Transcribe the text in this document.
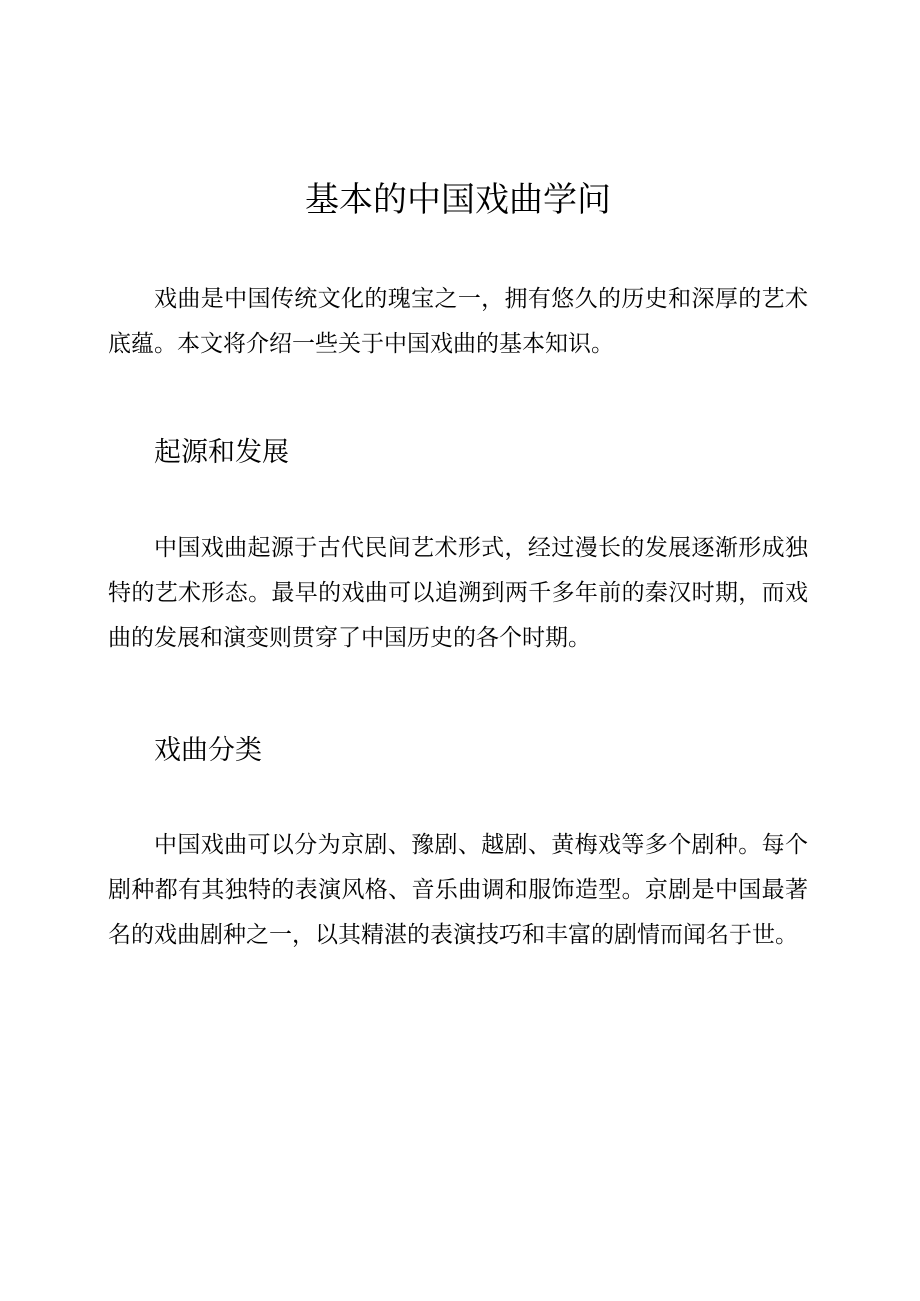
基本的中国戏曲学问

戏曲是中国传统文化的瑰宝之一，拥有悠久的历史和深厚的艺术底蕴。本文将介绍一些关于中国戏曲的基本知识。

起源和发展

中国戏曲起源于古代民间艺术形式，经过漫长的发展逐渐形成独特的艺术形态。最早的戏曲可以追溯到两千多年前的秦汉时期，而戏曲的发展和演变则贯穿了中国历史的各个时期。

戏曲分类

中国戏曲可以分为京剧、豫剧、越剧、黄梅戏等多个剧种。每个剧种都有其独特的表演风格、音乐曲调和服饰造型。京剧是中国最著名的戏曲剧种之一，以其精湛的表演技巧和丰富的剧情而闻名于世。
